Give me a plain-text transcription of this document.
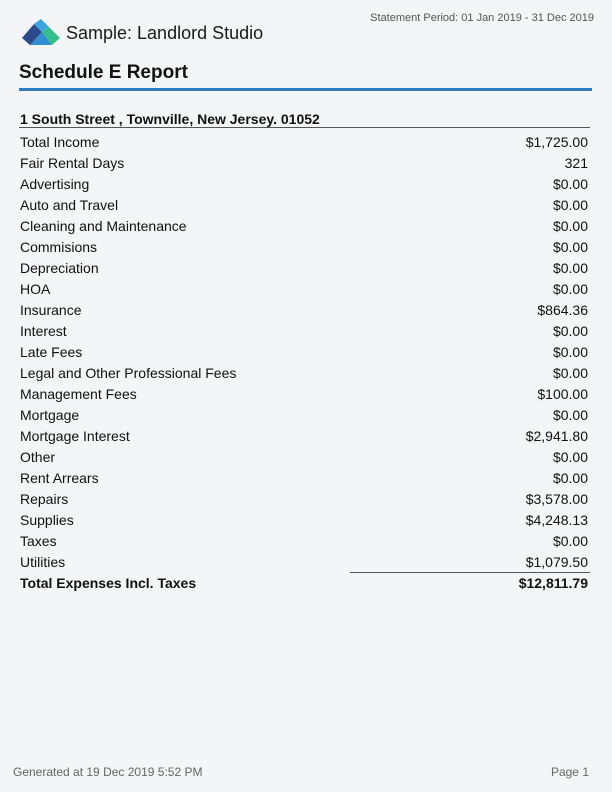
Sample: Landlord Studio
Statement Period: 01 Jan 2019 - 31 Dec 2019
Schedule E Report
1 South Street , Townville, New Jersey. 01052
Total Income	$1,725.00
Fair Rental Days	321
Advertising	$0.00
Auto and Travel	$0.00
Cleaning and Maintenance	$0.00
Commisions	$0.00
Depreciation	$0.00
HOA	$0.00
Insurance	$864.36
Interest	$0.00
Late Fees	$0.00
Legal and Other Professional Fees	$0.00
Management Fees	$100.00
Mortgage	$0.00
Mortgage Interest	$2,941.80
Other	$0.00
Rent Arrears	$0.00
Repairs	$3,578.00
Supplies	$4,248.13
Taxes	$0.00
Utilities	$1,079.50
Total Expenses Incl. Taxes	$12,811.79
Generated at 19 Dec 2019 5:52 PM	Page 1
